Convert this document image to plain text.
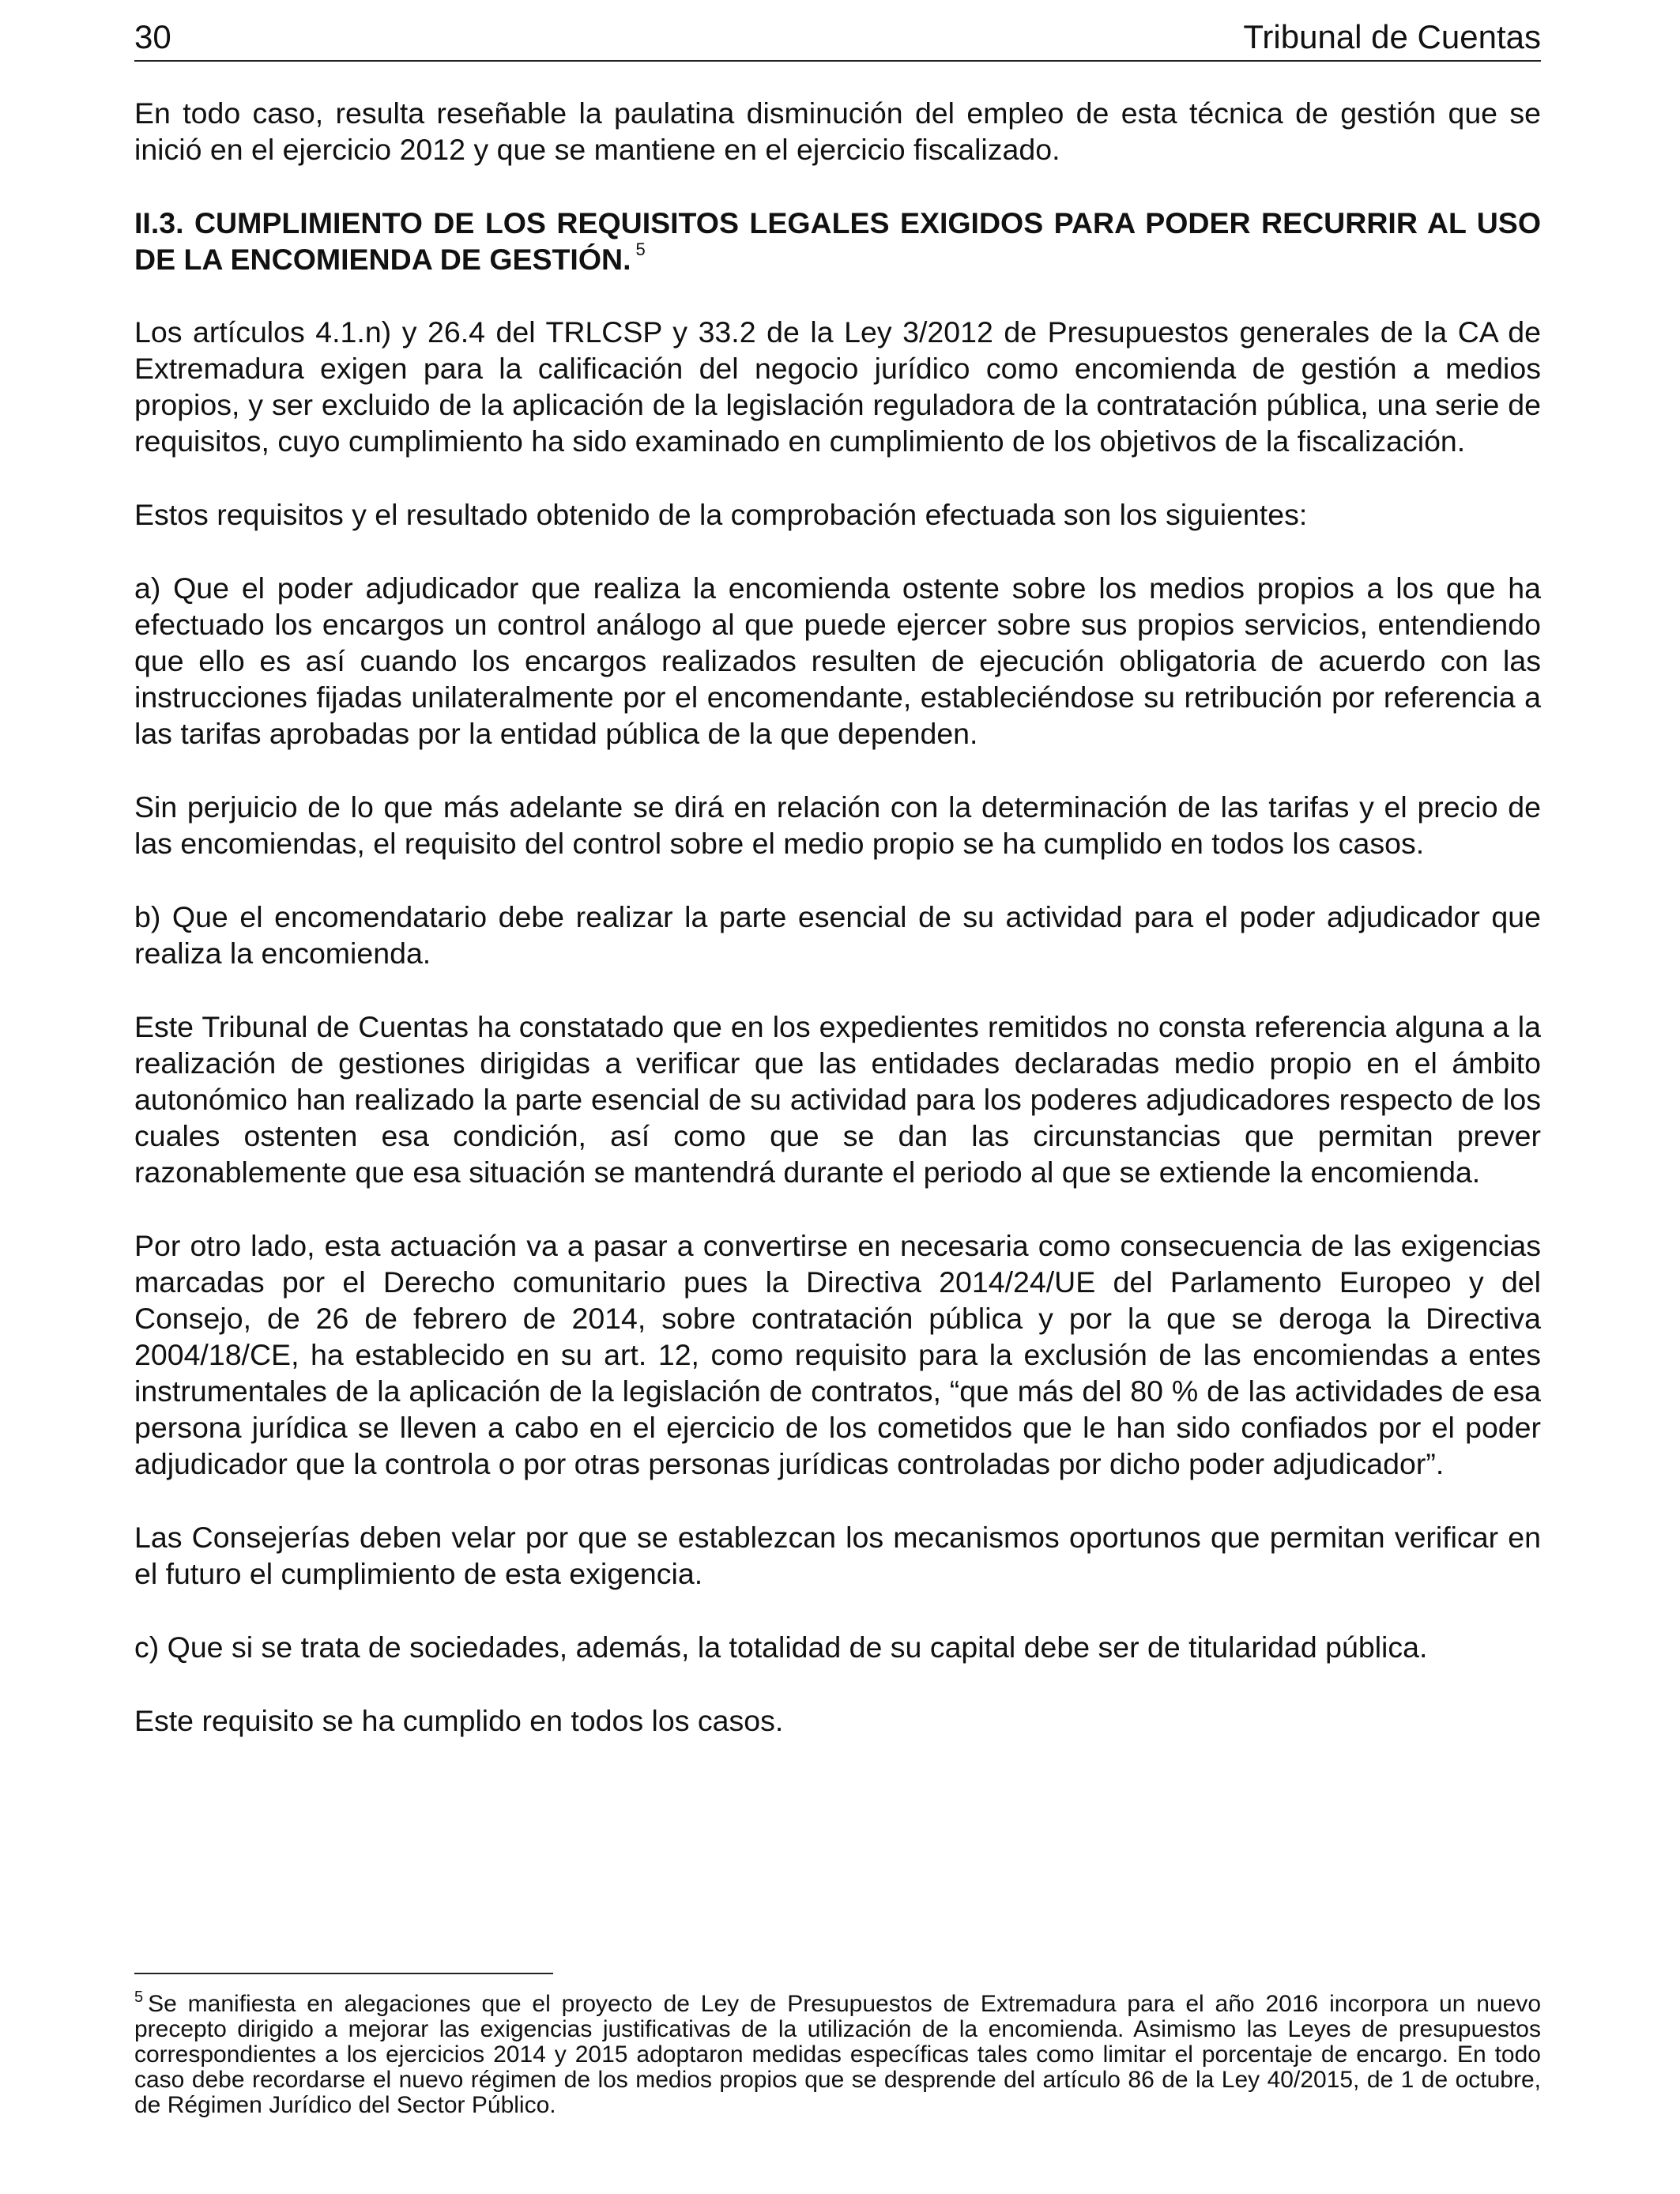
30	Tribunal de Cuentas

En todo caso, resulta reseñable la paulatina disminución del empleo de esta técnica de gestión que se inició en el ejercicio 2012 y que se mantiene en el ejercicio fiscalizado.

II.3. CUMPLIMIENTO DE LOS REQUISITOS LEGALES EXIGIDOS PARA PODER RECURRIR AL USO DE LA ENCOMIENDA DE GESTIÓN. $^5$

Los artículos 4.1.n) y 26.4 del TRLCSP y 33.2 de la Ley 3/2012 de Presupuestos generales de la CA de Extremadura exigen para la calificación del negocio jurídico como encomienda de gestión a medios propios, y ser excluido de la aplicación de la legislación reguladora de la contratación pública, una serie de requisitos, cuyo cumplimiento ha sido examinado en cumplimiento de los objetivos de la fiscalización.

Estos requisitos y el resultado obtenido de la comprobación efectuada son los siguientes:

a) Que el poder adjudicador que realiza la encomienda ostente sobre los medios propios a los que ha efectuado los encargos un control análogo al que puede ejercer sobre sus propios servicios, entendiendo que ello es así cuando los encargos realizados resulten de ejecución obligatoria de acuerdo con las instrucciones fijadas unilateralmente por el encomendante, estableciéndose su retribución por referencia a las tarifas aprobadas por la entidad pública de la que dependen.

Sin perjuicio de lo que más adelante se dirá en relación con la determinación de las tarifas y el precio de las encomiendas, el requisito del control sobre el medio propio se ha cumplido en todos los casos.

b) Que el encomendatario debe realizar la parte esencial de su actividad para el poder adjudicador que realiza la encomienda.

Este Tribunal de Cuentas ha constatado que en los expedientes remitidos no consta referencia alguna a la realización de gestiones dirigidas a verificar que las entidades declaradas medio propio en el ámbito autonómico han realizado la parte esencial de su actividad para los poderes adjudicadores respecto de los cuales ostenten esa condición, así como que se dan las circunstancias que permitan prever razonablemente que esa situación se mantendrá durante el periodo al que se extiende la encomienda.

Por otro lado, esta actuación va a pasar a convertirse en necesaria como consecuencia de las exigencias marcadas por el Derecho comunitario pues la Directiva 2014/24/UE del Parlamento Europeo y del Consejo, de 26 de febrero de 2014, sobre contratación pública y por la que se deroga la Directiva 2004/18/CE, ha establecido en su art. 12, como requisito para la exclusión de las encomiendas a entes instrumentales de la aplicación de la legislación de contratos, “que más del 80 % de las actividades de esa persona jurídica se lleven a cabo en el ejercicio de los cometidos que le han sido confiados por el poder adjudicador que la controla o por otras personas jurídicas controladas por dicho poder adjudicador”.

Las Consejerías deben velar por que se establezcan los mecanismos oportunos que permitan verificar en el futuro el cumplimiento de esta exigencia.

c) Que si se trata de sociedades, además, la totalidad de su capital debe ser de titularidad pública.

Este requisito se ha cumplido en todos los casos.

$^5$ Se manifiesta en alegaciones que el proyecto de Ley de Presupuestos de Extremadura para el año 2016 incorpora un nuevo precepto dirigido a mejorar las exigencias justificativas de la utilización de la encomienda. Asimismo las Leyes de presupuestos correspondientes a los ejercicios 2014 y 2015 adoptaron medidas específicas tales como limitar el porcentaje de encargo. En todo caso debe recordarse el nuevo régimen de los medios propios que se desprende del artículo 86 de la Ley 40/2015, de 1 de octubre, de Régimen Jurídico del Sector Público.
